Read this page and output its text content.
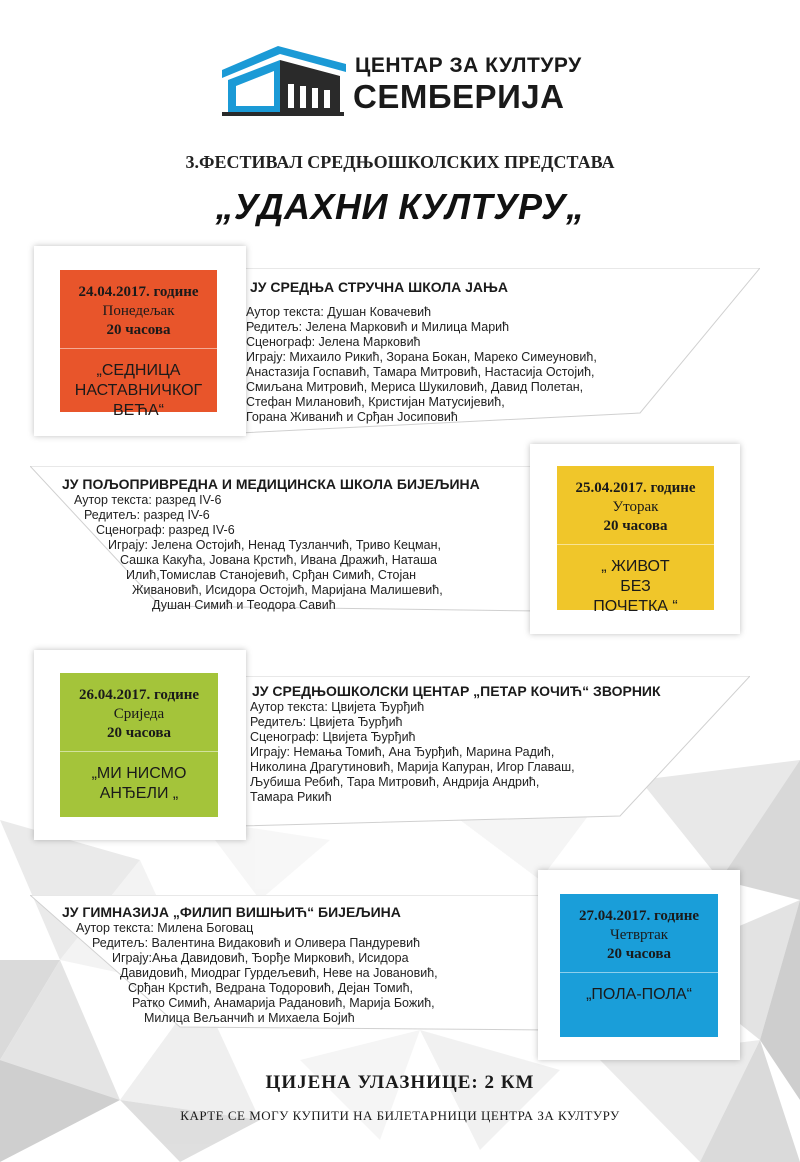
ЦЕНТАР ЗА КУЛТУРУ
СЕМБЕРИЈА
3.ФЕСТИВАЛ СРЕДЊОШКОЛСКИХ ПРЕДСТАВА
„УДАХНИ КУЛТУРУ„
24.04.2017. године
Понедељак
20 часова
„СЕДНИЦА НАСТАВНИЧКОГ ВЕЋА“
ЈУ СРЕДЊА СТРУЧНА ШКОЛА ЈАЊА
Аутор текста: Душан Ковачевић
Редитељ: Јелена Марковић и Милица Марић
Сценограф: Јелена Марковић
Играју: Михаило Рикић, Зорана Бокан, Мареко Симеуновић,
Анастазија Госпавић, Тамара Митровић, Настасија Остојић,
Смиљана Митровић, Мериса Шукиловић, Давид Полетан,
Стефан Милановић, Кристијан Матусијевић,
Горана Живанић и Срђан Јосиповић
25.04.2017. године
Уторак
20 часова
„ ЖИВОТ БЕЗ ПОЧЕТКА “
ЈУ ПОЉОПРИВРЕДНА И МЕДИЦИНСКА ШКОЛА БИЈЕЉИНА
Аутор текста: разред IV-6
Редитељ: разред IV-6
Сценограф: разред IV-6
Играју: Јелена Остојић, Ненад Тузланчић, Триво Кецман,
Сашка Какућа, Јована Крстић, Ивана Дражић, Наташа
Илић,Томислав Станојевић, Срђан Симић, Стојан
Живановић, Исидора Остојић, Маријана Малишевић,
Душан Симић и Теодора Савић
26.04.2017. године
Сриједа
20 часова
„МИ НИСМО АНЂЕЛИ „
ЈУ СРЕДЊОШКОЛСКИ ЦЕНТАР „ПЕТАР КОЧИЋ“ ЗВОРНИК
Аутор текста: Цвијета Ђурђић
Редитељ: Цвијета Ђурђић
Сценограф: Цвијета Ђурђић
Играју: Немања Томић, Ана Ђурђић, Марина Радић,
Николина Драгутиновић, Марија Капуран, Игор Главаш,
Љубиша Ребић, Тара Митровић, Андрија Андрић,
Тамара Рикић
27.04.2017. године
Четвртак
20 часова
„ПОЛА-ПОЛА“
ЈУ ГИМНАЗИЈА „ФИЛИП ВИШЊИЋ“ БИЈЕЉИНА
Аутор текста: Милена Боговац
Редитељ: Валентина Видаковић и Оливера Пандуревић
Играју:Ања Давидовић, Ђорђе Мирковић, Исидора
Давидовић, Миодраг Гурдељевић, Неве на Јовановић,
Срђан Крстић, Ведрана Тодоровић, Дејан Томић,
Ратко Симић, Анамарија Радановић, Марија Божић,
Милица Вељанчић и Михаела Бојић
ЦИЈЕНА УЛАЗНИЦЕ: 2 КМ
КАРТЕ СЕ МОГУ КУПИТИ НА БИЛЕТАРНИЦИ ЦЕНТРА ЗА КУЛТУРУ
